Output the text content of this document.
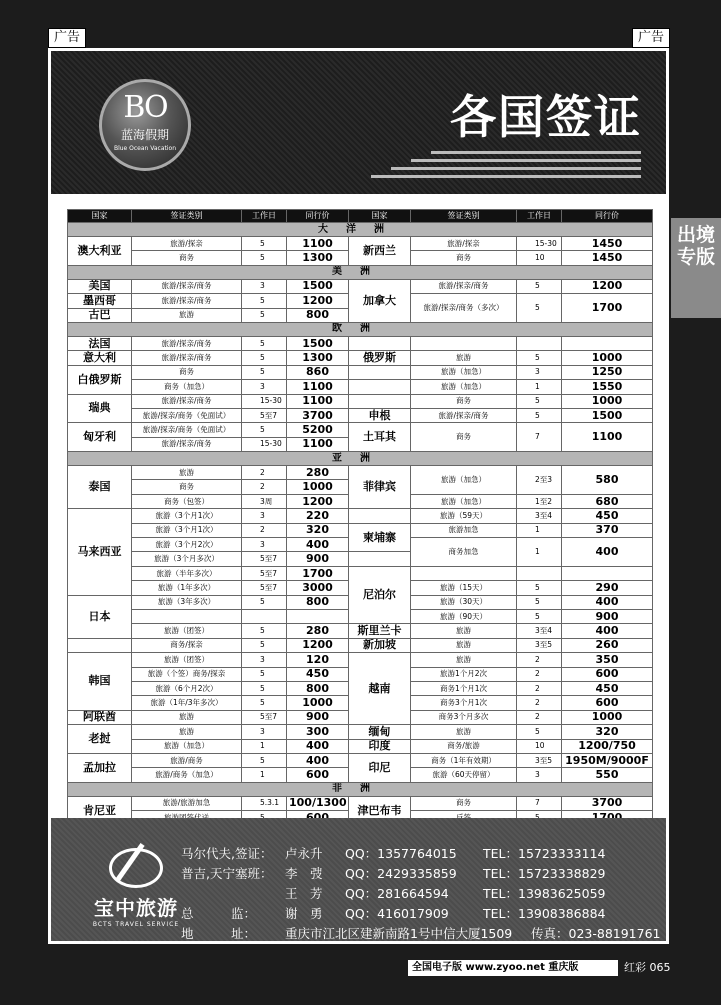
广告	广告
BO
蓝海假期
Blue Ocean Vacation
各国签证
国家	签证类别	工作日	同行价	国家	签证类别	工作日	同行价
大洋洲							
澳大利亚	旅游/探亲	5	1100	新西兰	旅游/探亲	15-30	1450
	商务	5	1300		商务	10	1450
美洲							
美国	旅游/探亲/商务	3	1500	加拿大	旅游/探亲/商务	5	1200
墨西哥	旅游/探亲/商务	5	1200		旅游/探亲/商务（多次）	5	1700
古巴	旅游	5	800				
欧洲							
法国	旅游/探亲/商务	5	1500				
意大利	旅游/探亲/商务	5	1300	俄罗斯	旅游	5	1000
白俄罗斯	商务	5	860		旅游（加急）	3	1250
	商务（加急）	3	1100		旅游（加急）	1	1550
瑞典	旅游/探亲/商务	15-30	1100		商务	5	1000
	旅游/探亲/商务（免面试）	5至7	3700	申根	旅游/探亲/商务	5	1500
匈牙利	旅游/探亲/商务（免面试）	5	5200	土耳其	商务	7	1100
	旅游/探亲/商务	15-30	1100				
亚洲							
泰国	旅游	2	280	菲律宾	旅游（加急）	2至3	580
	商务	2	1000				
	商务（包签）	3周	1200		旅游（加急）	1至2	680
马来西亚	旅游（3个月1次）	3	220		旅游（59天）	3至4	450
	旅游（3个月1次）	2	320	柬埔寨	旅游加急	1	370
	旅游（3个月2次）	3	400		商务加急	1	400
	旅游（3个月多次）	5至7	900				
	旅游（半年多次）	5至7	1700	尼泊尔			
	旅游（1年多次）	5至7	3000		旅游（15天）	5	290
日本	旅游（3年多次）	5	800		旅游（30天）	5	400
					旅游（90天）	5	900
	旅游（团签）	5	280	斯里兰卡	旅游	3至4	400
	商务/探亲	5	1200	新加坡	旅游	3至5	260
韩国	旅游（团签）	3	120	越南	旅游	2	350
	旅游（个签）商务/探亲	5	450		旅游1个月2次	2	600
	旅游（6个月2次）	5	800		商务1个月1次	2	450
	旅游（1年/3年多次）	5	1000		商务3个月1次	2	600
阿联酋	旅游	5至7	900		商务3个月多次	2	1000
老挝	旅游	3	300	缅甸	旅游	5	320
	旅游（加急）	1	400	印度	商务/旅游	10	1200/750
孟加拉	旅游/商务	5	400	印尼	商务（1年有效期）	3至5	1950M/9000F
	旅游/商务（加急）	1	600		旅游（60天停留）	3	550
非洲							
肯尼亚	旅游/旅游加急	5.3.1	100/1300	津巴布韦	商务	7	3700

宝中旅游
BCTS TRAVEL SERVICE
马尔代夫,签证： 卢永升 QQ：1357764015 TEL：15723333114
普吉,天宁塞班： 李　弢 QQ：2429335859 TEL：15723338829
王　芳 QQ：281664594	TEL：13983625059
总　　　监： 谢　勇 QQ：416017909	TEL：13908386884
地　　　址： 重庆市江北区建新南路1号中信大厦1509 传真：023-88191761
出境专版
全国电子版 www.zyoo.net 重庆版	红彩 065
